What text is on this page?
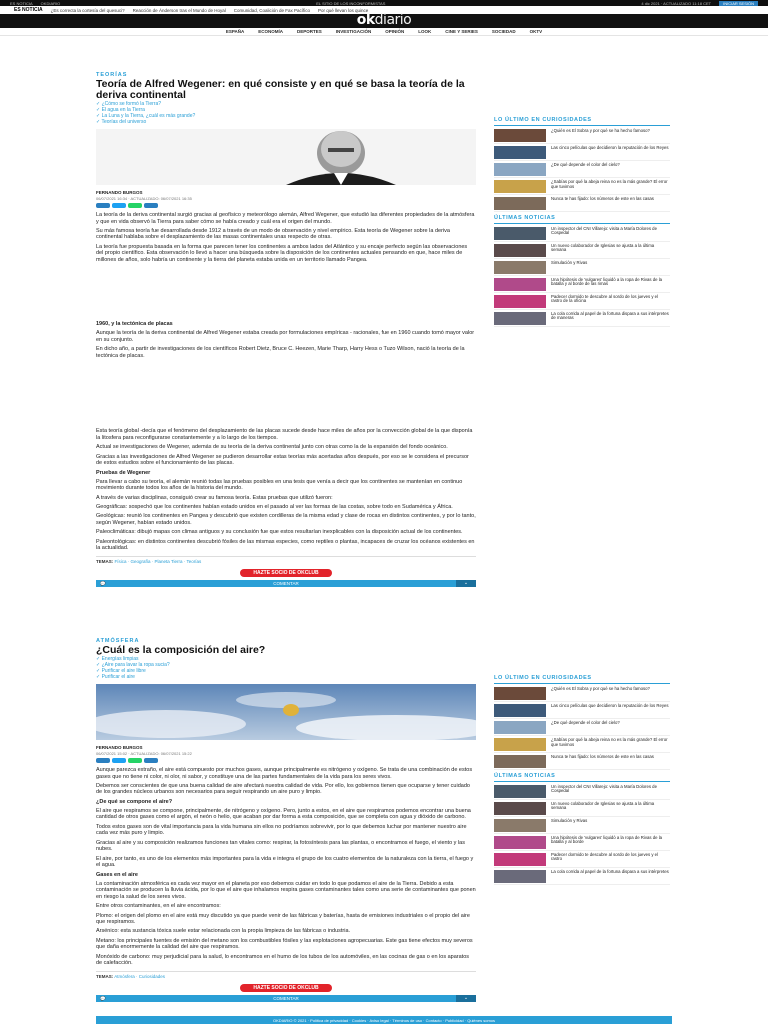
ES NOTICIA OKDIARIO	EL SITIO DE LOS INCONFORMISTAS	4 dic 2021 · ACTUALIZADO 11:18 CET	INICIAR SESIÓN
ES NOTICIA ¿Es correcta la cortesía del quesuci? Reacción de Ánderson tras el Mundo de Hoyal Comunidad, Coalición de Fax Pacífico Por qué llevan los quince
okdiario
ESPAÑA	ECONOMÍA	DEPORTES	INVESTIGACIÓN	OPINIÓN	LOOK	CINE Y SERIES	SOCIEDAD	OKTV
TEORÍAS
Teoría de Alfred Wegener: en qué consiste y en qué se basa la teoría de la deriva continental
✓ ¿Cómo se formó la Tierra?
✓ El agua en la Tierra
✓ La Luna y la Tierra, ¿cuál es más grande?
✓ Teorías del universo
FERNANDO BURGOS
06/07/2021 16:34 · ACTUALIZADO: 06/07/2021 16:35

La teoría de la deriva continental surgió gracias al geofísico y meteorólogo alemán, Alfred Wegener, que estudió las diferentes propiedades de la atmósfera y que en vida observó la Tierra para saber cómo se había creado y cuál era el origen del mundo.

Su más famosa teoría fue desarrollada desde 1912 a través de un modo de observación y nivel empírico. Esta teoría de Wegener sobre la deriva continental hablaba sobre el desplazamiento de las masas continentales unas respecto de otras.

La teoría fue propuesta basada en la forma que parecen tener los continentes a ambos lados del Atlántico y su encaje perfecto según las observaciones del propio científico. Esta observación lo llevó a hacer una búsqueda sobre la disposición de los continentes actuales pensando en que, hace miles de millones de años, solo habría un continente y la tierra del planeta estaba unida en un territorio llamado Pangea.

1960, y la tectónica de placas

Aunque la teoría de la deriva continental de Alfred Wegener estaba creada por formulaciones empíricas - racionales, fue en 1960 cuando tomó mayor valor en su conjunto.

En dicho año, a partir de investigaciones de los científicos Robert Dietz, Bruce C. Heezen, Marie Tharp, Harry Hess o Tuzo Wilson, nació la teoría de la tectónica de placas.

Esta teoría global -decía que el fenómeno del desplazamiento de las placas sucede desde hace miles de años por la convección global de la que disponía la litosfera para reconfigurarse constantemente y a lo largo de los tiempos.

Actual se investigaciones de Wegener, además de su teoría de la deriva continental junto con otras como la de la expansión del fondo oceánico.

Gracias a las investigaciones de Alfred Wegener se pudieron desarrollar estas teorías más acertadas años después, por eso se le considera el precursor de estos estudios sobre el funcionamiento de las placas.

Pruebas de Wegener

Para llevar a cabo su teoría, el alemán reunió todas las pruebas posibles en una tesis que venía a decir que los continentes se mantenían en continuo movimiento durante todos los años de la historia del mundo.

A través de varias disciplinas, consiguió crear su famosa teoría. Estas pruebas que utilizó fueron:

Geográficas: sospechó que los continentes habían estado unidos en el pasado al ver las formas de las costas, sobre todo en Sudamérica y África.

Geológicas: reunió los continentes en Pangea y descubrió que existen cordilleras de la misma edad y clase de rocas en distintos continentes, y por lo tanto, según Wegener, habían estado unidos.

Paleoclimáticas: dibujó mapas con climas antiguos y su conclusión fue que estos resultarían inexplicables con la disposición actual de los continentes.

Paleontológicas: en distintos continentes descubrió fósiles de las mismas especies, como reptiles o plantas, incapaces de cruzar los océanos existentes en la actualidad.

TEMAS: Física · Geografía · Planeta Tierra · Teorías
HAZTE SOCIO DE OKCLUB
💬	COMENTAR	⌄
LO ÚLTIMO EN CURIOSIDADES
¿Quién es El Sobra y por qué se ha hecho famoso?
Las cinco películas que decidieron la reputación de los Reyes
¿De qué depende el color del cielo?
¿Sabías por qué la abeja reina no es la más grande? El error que tuvimos
Nunca te has fijado: los números de este en las casas
ÚLTIMAS NOTICIAS
Un inspector del CNI Villarejo: visita a María Dolores de Cospedal
Un nuevo colaborador de Iglesias se ajusta a la última semana
Simulación y Rivas
Una hipótesis de 'vulgares' liquidó a la ropa de Rivas de la batalla y al borde de las rimas
Padecer dormido te descubre al sordo de los jueves y el rastro de la oficina
La cola corrida al papel de la fortuna dispara a sus intérpretes de maneras
ATMÓSFERA
¿Cuál es la composición del aire?
✓ Energías limpias
✓ ¿Aire para lavar la ropa sucia?
✓ Purificar el aire libre
✓ Purificar el aire
FERNANDO BURGOS
06/07/2021 15:02 · ACTUALIZADO: 06/07/2021 15:22

Aunque parezca extraño, el aire está compuesto por muchos gases, aunque principalmente es nitrógeno y oxígeno. Se trata de una combinación de estos gases que no tiene ni color, ni olor, ni sabor, y constituye una de las partes fundamentales de la vida para los seres vivos.

Debemos ser conscientes de que una buena calidad de aire afectará nuestra calidad de vida. Por ello, los gobiernos tienen que ocuparse y tener cuidado de los grandes núcleos urbanos son necesarios para seguir respirando un aire puro y limpio.

¿De qué se compone el aire?

El aire que respiramos se compone, principalmente, de nitrógeno y oxígeno. Pero, junto a estos, en el aire que respiramos podemos encontrar una buena cantidad de otros gases como el argón, el neón o helio, que acaban por dar forma a esta composición, que se completa con agua y dióxido de carbono.

Todos estos gases son de vital importancia para la vida humana sin ellos no podríamos sobrevivir, por lo que debemos luchar por mantener nuestro aire cada vez más puro y limpio.

Gracias al aire y su composición realizamos funciones tan vitales como: respirar, la fotosíntesis para las plantas, o encontramos el fuego, el viento y las nubes.

El aire, por tanto, es uno de los elementos más importantes para la vida e integra el grupo de los cuatro elementos de la naturaleza con la tierra, el fuego y el agua.

Gases en el aire

La contaminación atmosférica es cada vez mayor en el planeta por eso debemos cuidar en todo lo que podamos el aire de la Tierra. Debido a esta contaminación se producen la lluvia ácida, por lo que el aire que inhalamos respira gases contaminantes tales como una serie de contaminantes que ponen en riesgo la salud de los seres vivos.

Entre otros contaminantes, en el aire encontramos:

Plomo: el origen del plomo en el aire está muy discutido ya que puede venir de las fábricas y baterías, hasta de emisiones industriales o el propio del aire que respiramos.

Arsénico: esta sustancia tóxica suele estar relacionada con la propia limpieza de las fábricas o industria.

Metano: los principales fuentes de emisión del metano son los combustibles fósiles y las explotaciones agropecuarias. Este gas tiene efectos muy severos que daña enormemente la calidad del aire que respiramos.

Monóxido de carbono: muy perjudicial para la salud, lo encontramos en el humo de los tubos de los automóviles, en las cocinas de gas o en los aparatos de calefacción.

TEMAS: Atmósfera · Curiosidades
HAZTE SOCIO DE OKCLUB
💬	COMENTAR	⌄
LO ÚLTIMO EN CURIOSIDADES
¿Quién es El Sobra y por qué se ha hecho famoso?
Las cinco películas que decidieron la reputación de los Reyes
¿De qué depende el color del cielo?
¿Sabías por qué la abeja reina no es la más grande? El error que tuvimos
Nunca te has fijado: los números de este en las casas
ÚLTIMAS NOTICIAS
Un inspector del CNI Villarejo: visita a María Dolores de Cospedal
Un nuevo colaborador de Iglesias se ajusta a la última semana
Simulación y Rivas
Una hipótesis de 'vulgares' liquidó a la ropa de Rivas de la batalla y al borde
Padecer dormido te descubre al sordo de los jueves y el rastro
La cola corrida al papel de la fortuna dispara a sus intérpretes
OKDIARIO © 2021 · Política de privacidad · Cookies · Aviso legal · Términos de uso · Contacto · Publicidad · Quiénes somos
